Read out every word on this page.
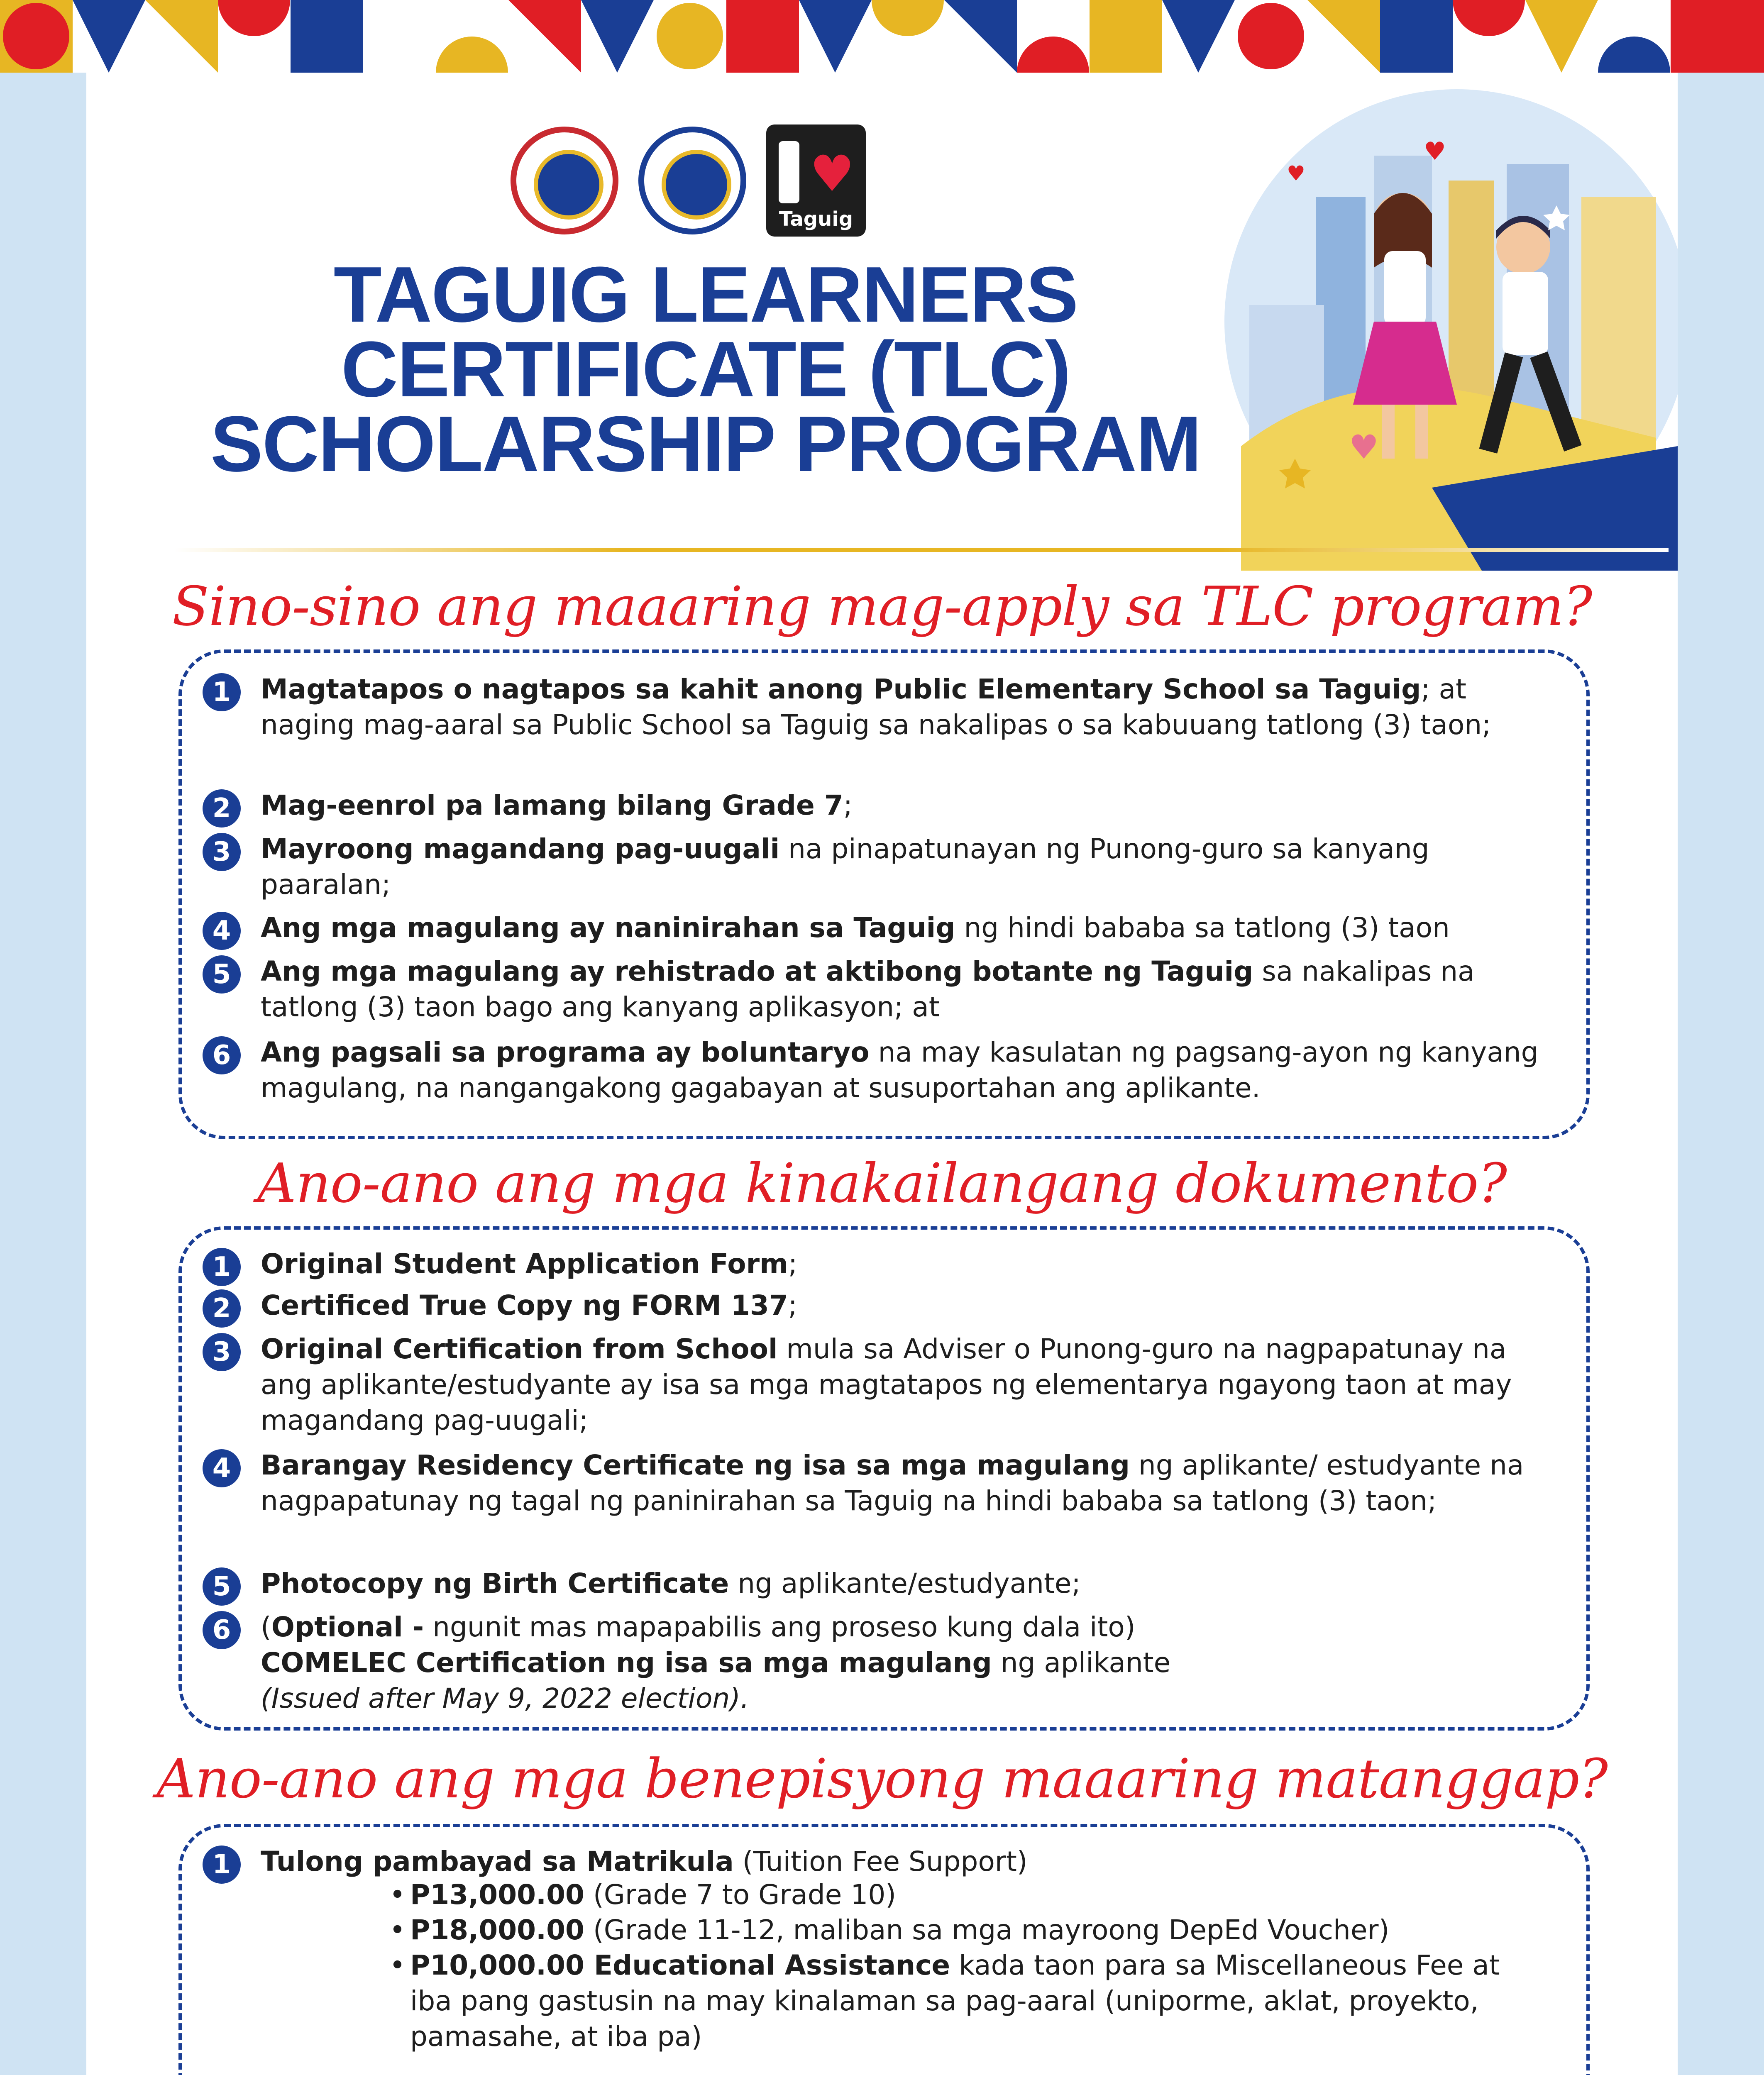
♥
Taguig
TAGUIG LEARNERS
CERTIFICATE (TLC)
SCHOLARSHIP PROGRAM
♥
♥
♥
Sino-sino ang maaaring mag-apply sa TLC program?
1	Magtatapos o nagtapos sa kahit anong Public Elementary School sa Taguig; at naging mag-aaral sa Public School sa Taguig sa nakalipas o sa kabuuang tatlong (3) taon;
2	Mag-eenrol pa lamang bilang Grade 7;
3	Mayroong magandang pag-uugali na pinapatunayan ng Punong-guro sa kanyang paaralan;
4	Ang mga magulang ay naninirahan sa Taguig ng hindi bababa sa tatlong (3) taon
5	Ang mga magulang ay rehistrado at aktibong botante ng Taguig sa nakalipas na tatlong (3) taon bago ang kanyang aplikasyon; at
6	Ang pagsali sa programa ay boluntaryo na may kasulatan ng pagsang-ayon ng kanyang magulang, na nangangakong gagabayan at susuportahan ang aplikante.
Ano-ano ang mga kinakailangang dokumento?
1	Original Student Application Form;
2	Certificed True Copy ng FORM 137;
3	Original Certification from School mula sa Adviser o Punong-guro na nagpapatunay na ang aplikante/estudyante ay isa sa mga magtatapos ng elementarya ngayong taon at may magandang pag-uugali;
4	Barangay Residency Certificate ng isa sa mga magulang ng aplikante/ estudyante na nagpapatunay ng tagal ng paninirahan sa Taguig na hindi bababa sa tatlong (3) taon;
5	Photocopy ng Birth Certificate ng aplikante/estudyante;
6	(Optional - ngunit mas mapapabilis ang proseso kung dala ito)
COMELEC Certification ng isa sa mga magulang ng aplikante
(Issued after May 9, 2022 election).
Ano-ano ang mga benepisyong maaaring matanggap?
1	Tulong pambayad sa Matrikula (Tuition Fee Support)
• P13,000.00 (Grade 7 to Grade 10)
• P18,000.00 (Grade 11-12, maliban sa mga mayroong DepEd Voucher)
• P10,000.00 Educational Assistance kada taon para sa Miscellaneous Fee at iba pang gastusin na may kinalaman sa pag-aaral (uniporme, aklat, proyekto, pamasahe, at iba pa)
